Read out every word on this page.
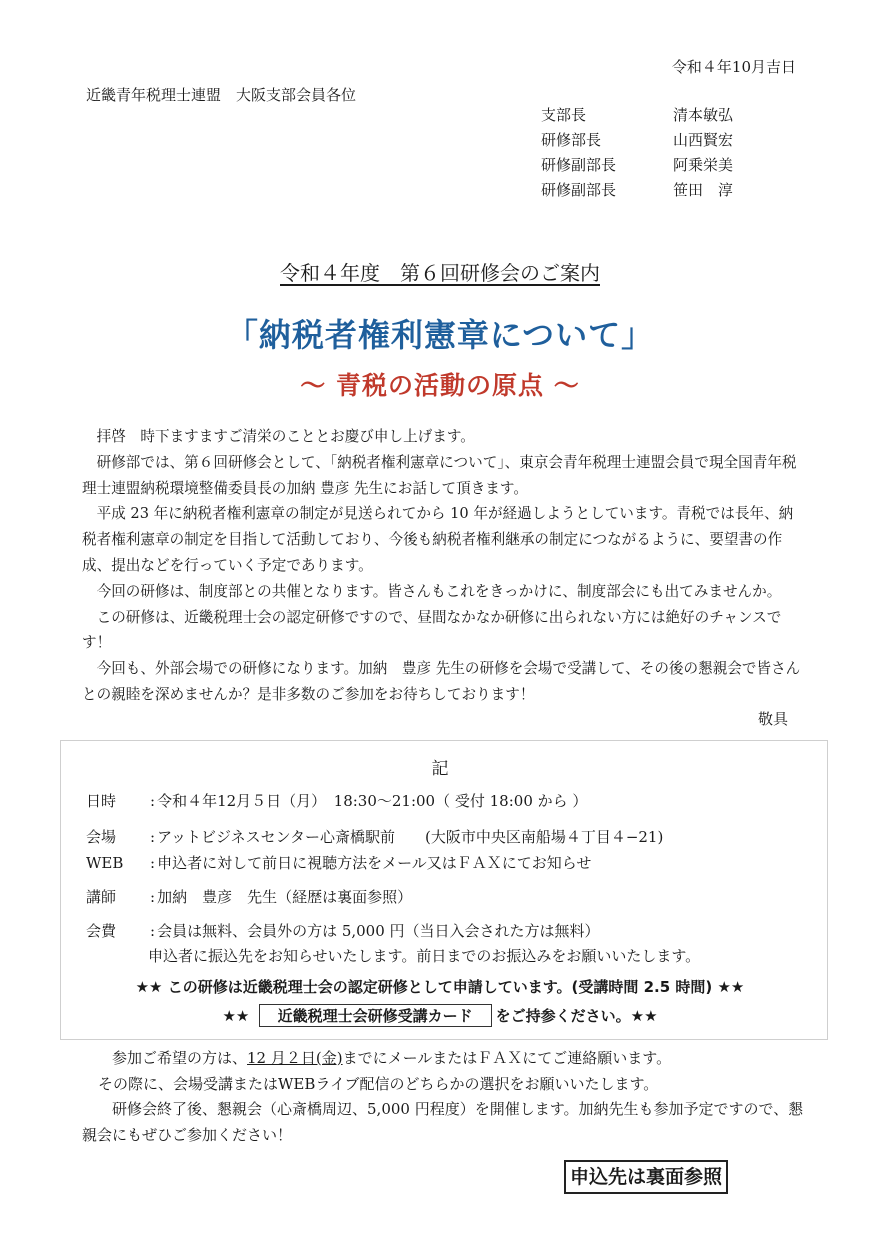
令和４年10月吉日
近畿青年税理士連盟　大阪支部会員各位
支部長	清本敏弘
研修部長	山西賢宏
研修副部長	阿乗栄美
研修副部長	笹田　淳
令和４年度　第６回研修会のご案内
「納税者権利憲章について」
～ 青税の活動の原点 ～

拝啓　時下ますますご清栄のこととお慶び申し上げます。

研修部では、第６回研修会として、「納税者権利憲章について」、東京会青年税理士連盟会員で現全国青年税理士連盟納税環境整備委員長の加納 豊彦 先生にお話して頂きます。

平成 23 年に納税者権利憲章の制定が見送られてから 10 年が経過しようとしています。青税では長年、納税者権利憲章の制定を目指して活動しており、今後も納税者権利継承の制定につながるように、要望書の作成、提出などを行っていく予定であります。

今回の研修は、制度部との共催となります。皆さんもこれをきっかけに、制度部会にも出てみませんか。

この研修は、近畿税理士会の認定研修ですので、昼間なかなか研修に出られない方には絶好のチャンスです！

今回も、外部会場での研修になります。加納　豊彦 先生の研修を会場で受講して、その後の懇親会で皆さんとの親睦を深めませんか？是非多数のご参加をお待ちしております！

敬具
記
日時 : 令和４年12月５日（月）　18:30～21:00（ 受付 18:00 から ）
会場 : アットビジネスセンター心斎橋駅前　　(大阪市中央区南船場４丁目４−21)
WEB : 申込者に対して前日に視聴方法をメール又はＦＡＸにてお知らせ
講師 : 加納　豊彦　先生（経歴は裏面参照）
会費 : 会員は無料、会員外の方は 5,000 円（当日入会された方は無料）
申込者に振込先をお知らせいたします。前日までのお振込みをお願いいたします。
★★ この研修は近畿税理士会の認定研修として申請しています。(受講時間 2.5 時間) ★★
★★ 近畿税理士会研修受講カード をご持参ください。★★

参加ご希望の方は、12 月２日(金)までにメールまたはＦＡＸにてご連絡願います。

その際に、会場受講またはWEBライブ配信のどちらかの選択をお願いいたします。

研修会終了後、懇親会（心斎橋周辺、5,000 円程度）を開催します。加納先生も参加予定ですので、懇親会にもぜひご参加ください！

申込先は裏面参照
